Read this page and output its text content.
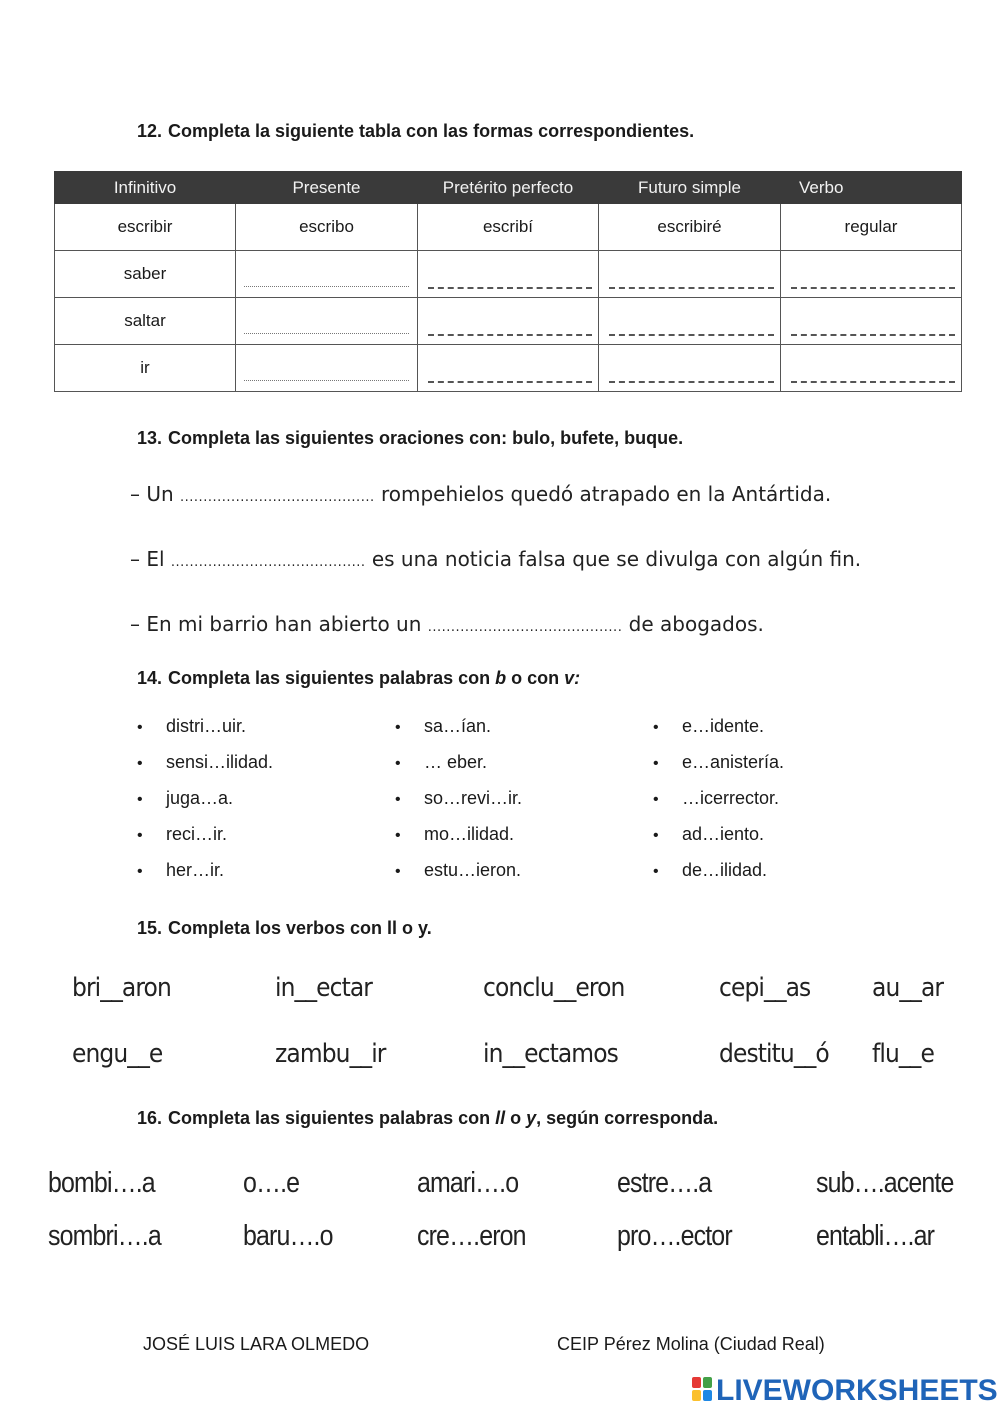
12. Completa la siguiente tabla con las formas correspondientes.
Infinitivo	Presente	Pretérito perfecto	Futuro simple	Verbo
escribir	escribo	escribí	escribiré	regular
saber	

saltar	

ir	

13. Completa las siguientes oraciones con: bulo, bufete, buque.
– Un .......................................... rompehielos quedó atrapado en la Antártida.
– El .......................................... es una noticia falsa que se divulga con algún fin.
– En mi barrio han abierto un .......................................... de abogados.
14. Completa las siguientes palabras con b o con v:
• distri…uir.
• sensi…ilidad.
• juga…a.
• reci…ir.
• her…ir.
• sa…ían.
• … eber.
• so…revi…ir.
• mo…ilidad.
• estu…ieron.
• e…idente.
• e…anistería.
• …icerrector.
• ad…iento.
• de…ilidad.
15. Completa los verbos con ll o y.
bri__aron	in__ectar	conclu__eron	cepi__as au__ar
engu__e	zambu__ir	in__ectamos	destitu__ó flu__e
16. Completa las siguientes palabras con ll o y, según corresponda.
bombi….a	o….e	amari….o	estre….a	sub….acente
sombri….a	baru….o	cre….eron	pro….ector	entabli….ar
JOSÉ LUIS LARA OLMEDO	CEIP Pérez Molina (Ciudad Real)
LIVEWORKSHEETS
